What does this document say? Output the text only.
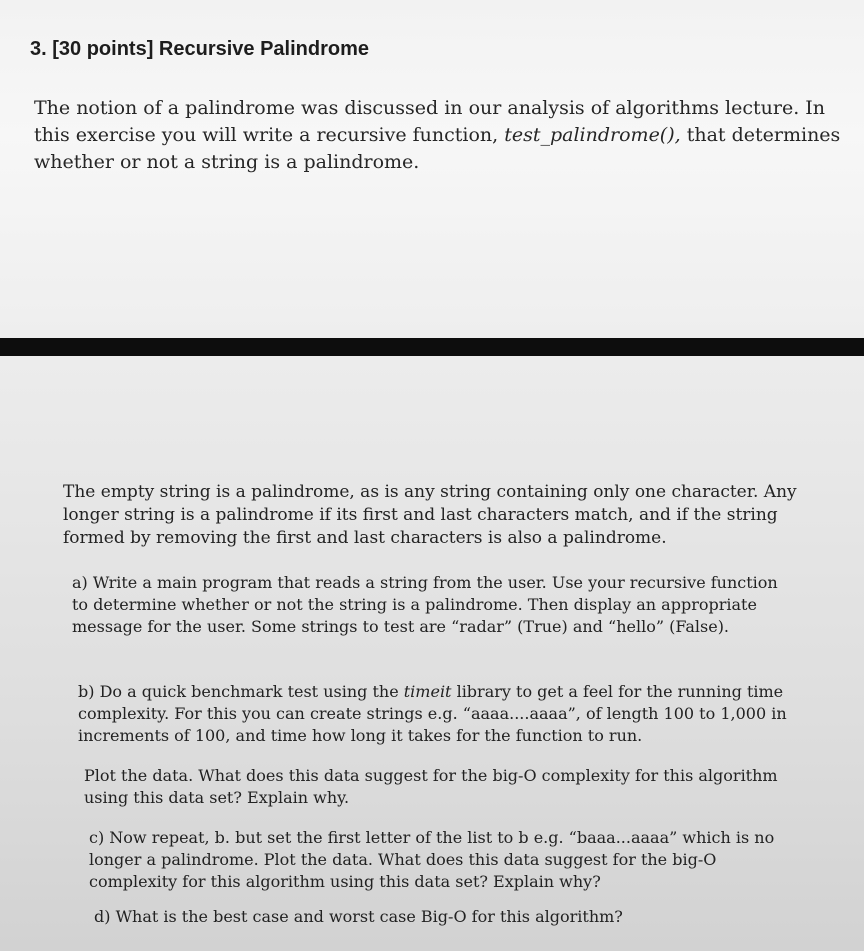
3. [30 points] Recursive Palindrome
The notion of a palindrome was discussed in our analysis of algorithms lecture. In this exercise you will write a recursive function, test_palindrome(), that determines whether or not a string is a palindrome.
The empty string is a palindrome, as is any string containing only one character. Any longer string is a palindrome if its first and last characters match, and if the string formed by removing the first and last characters is also a palindrome.
a) Write a main program that reads a string from the user. Use your recursive function to determine whether or not the string is a palindrome. Then display an appropriate message for the user. Some strings to test are “radar” (True) and “hello” (False).
b) Do a quick benchmark test using the timeit library to get a feel for the running time complexity. For this you can create strings e.g. “aaaa....aaaa”, of length 100 to 1,000 in increments of 100, and time how long it takes for the function to run.
Plot the data. What does this data suggest for the big-O complexity for this algorithm using this data set? Explain why.
c) Now repeat, b. but set the first letter of the list to b e.g. “baaa...aaaa” which is no longer a palindrome. Plot the data. What does this data suggest for the big-O complexity for this algorithm using this data set? Explain why?
d) What is the best case and worst case Big-O for this algorithm?
